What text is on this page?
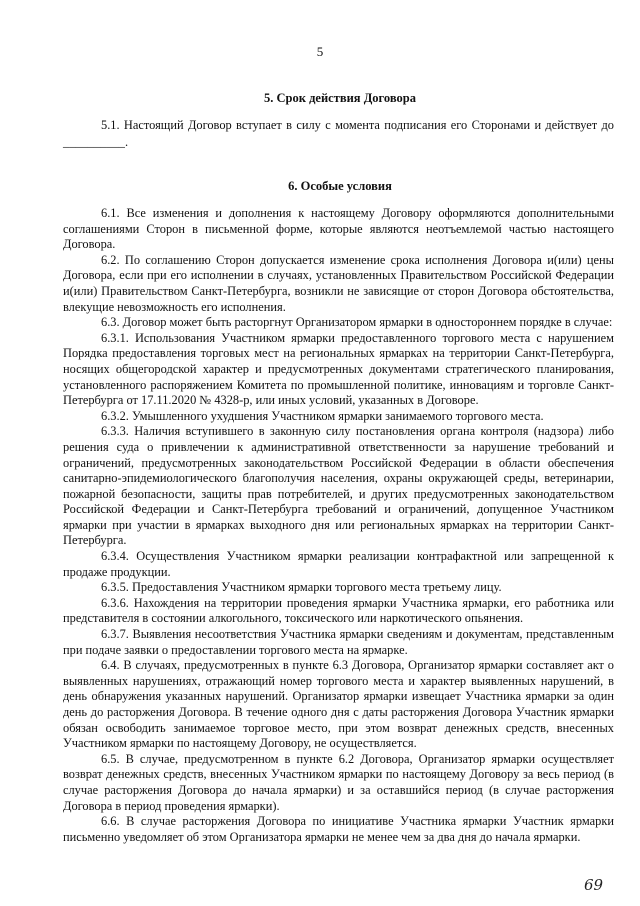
5
5. Срок действия Договора

5.1. Настоящий Договор вступает в силу с момента подписания его Сторонами и действует до __________.

6. Особые условия

6.1. Все изменения и дополнения к настоящему Договору оформляются дополнительными соглашениями Сторон в письменной форме, которые являются неотъемлемой частью настоящего Договора.

6.2. По соглашению Сторон допускается изменение срока исполнения Договора и(или) цены Договора, если при его исполнении в случаях, установленных Правительством Российской Федерации и(или) Правительством Санкт-Петербурга, возникли не зависящие от сторон Договора обстоятельства, влекущие невозможность его исполнения.

6.3. Договор может быть расторгнут Организатором ярмарки в одностороннем порядке в случае:

6.3.1. Использования Участником ярмарки предоставленного торгового места с нарушением Порядка предоставления торговых мест на региональных ярмарках на территории Санкт-Петербурга, носящих общегородской характер и предусмотренных документами стратегического планирования, установленного распоряжением Комитета по промышленной политике, инновациям и торговле Санкт-Петербурга от 17.11.2020 № 4328-р, или иных условий, указанных в Договоре.

6.3.2. Умышленного ухудшения Участником ярмарки занимаемого торгового места.

6.3.3. Наличия вступившего в законную силу постановления органа контроля (надзора) либо решения суда о привлечении к административной ответственности за нарушение требований и ограничений, предусмотренных законодательством Российской Федерации в области обеспечения санитарно-эпидемиологического благополучия населения, охраны окружающей среды, ветеринарии, пожарной безопасности, защиты прав потребителей, и других предусмотренных законодательством Российской Федерации и Санкт-Петербурга требований и ограничений, допущенное Участником ярмарки при участии в ярмарках выходного дня или региональных ярмарках на территории Санкт-Петербурга.

6.3.4. Осуществления Участником ярмарки реализации контрафактной или запрещенной к продаже продукции.

6.3.5. Предоставления Участником ярмарки торгового места третьему лицу.

6.3.6. Нахождения на территории проведения ярмарки Участника ярмарки, его работника или представителя в состоянии алкогольного, токсического или наркотического опьянения.

6.3.7. Выявления несоответствия Участника ярмарки сведениям и документам, представленным при подаче заявки о предоставлении торгового места на ярмарке.

6.4. В случаях, предусмотренных в пункте 6.3 Договора, Организатор ярмарки составляет акт о выявленных нарушениях, отражающий номер торгового места и характер выявленных нарушений, в день обнаружения указанных нарушений. Организатор ярмарки извещает Участника ярмарки за один день до расторжения Договора. В течение одного дня с даты расторжения Договора Участник ярмарки обязан освободить занимаемое торговое место, при этом возврат денежных средств, внесенных Участником ярмарки по настоящему Договору, не осуществляется.

6.5. В случае, предусмотренном в пункте 6.2 Договора, Организатор ярмарки осуществляет возврат денежных средств, внесенных Участником ярмарки по настоящему Договору за весь период (в случае расторжения Договора до начала ярмарки) и за оставшийся период (в случае расторжения Договора в период проведения ярмарки).

6.6. В случае расторжения Договора по инициативе Участника ярмарки Участник ярмарки письменно уведомляет об этом Организатора ярмарки не менее чем за два дня до начала ярмарки.

69
